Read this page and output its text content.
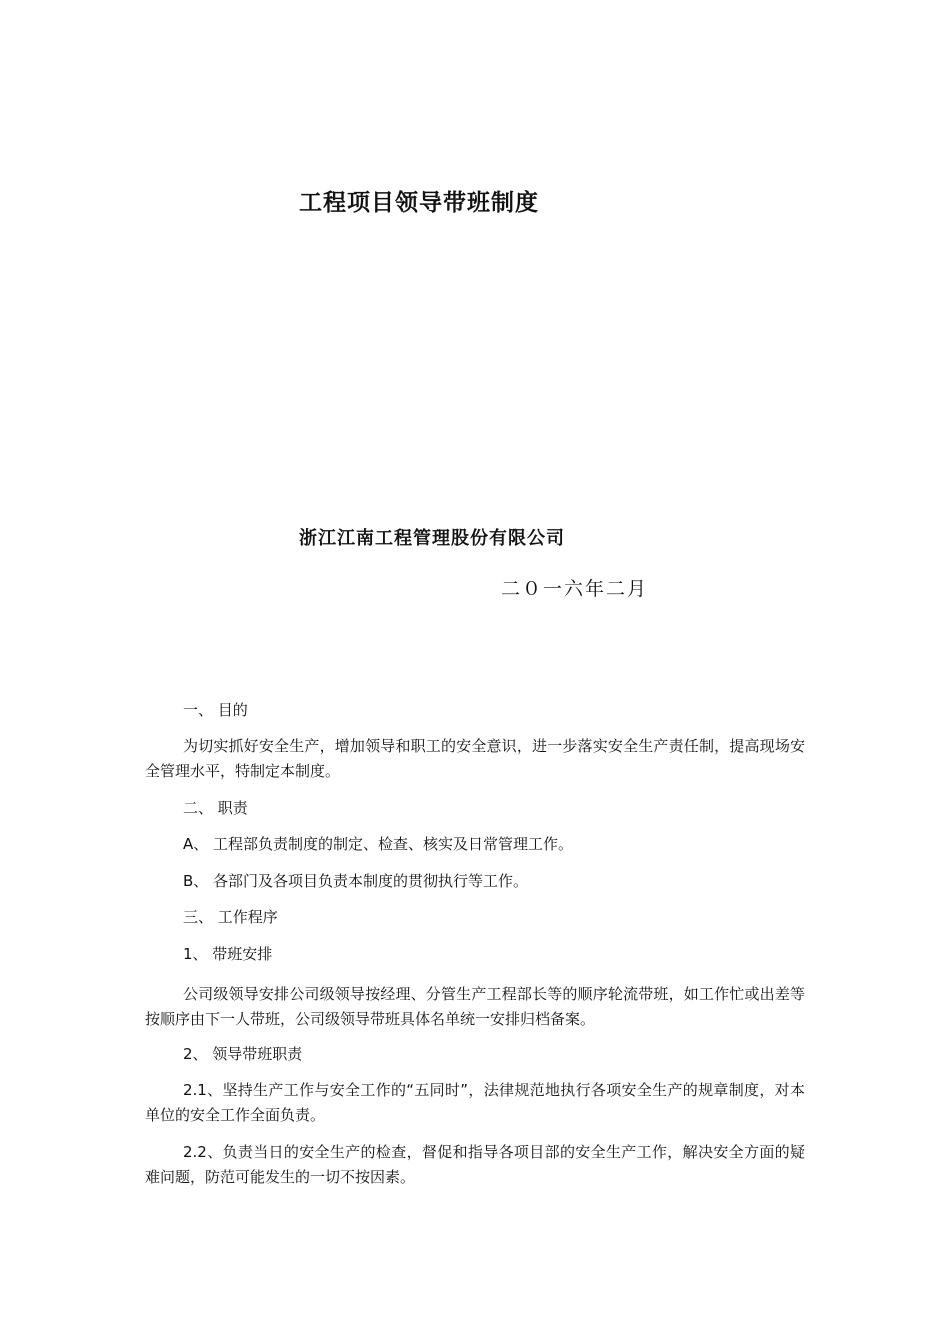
工程项目领导带班制度
浙江江南工程管理股份有限公司
二０一六年二月
一、 目的
为切实抓好安全生产，增加领导和职工的安全意识，进一步落实安全生产责任制，提高现场安全管理水平，特制定本制度。
二、 职责
A、 工程部负责制度的制定、检查、核实及日常管理工作。
B、 各部门及各项目负责本制度的贯彻执行等工作。
三、 工作程序
1、 带班安排
公司级领导安排公司级领导按经理、分管生产工程部长等的顺序轮流带班，如工作忙或出差等按顺序由下一人带班，公司级领导带班具体名单统一安排归档备案。
2、 领导带班职责
2.1、坚持生产工作与安全工作的“五同时”，法律规范地执行各项安全生产的规章制度，对本单位的安全工作全面负责。
2.2、负责当日的安全生产的检查，督促和指导各项目部的安全生产工作，解决安全方面的疑难问题，防范可能发生的一切不按因素。
